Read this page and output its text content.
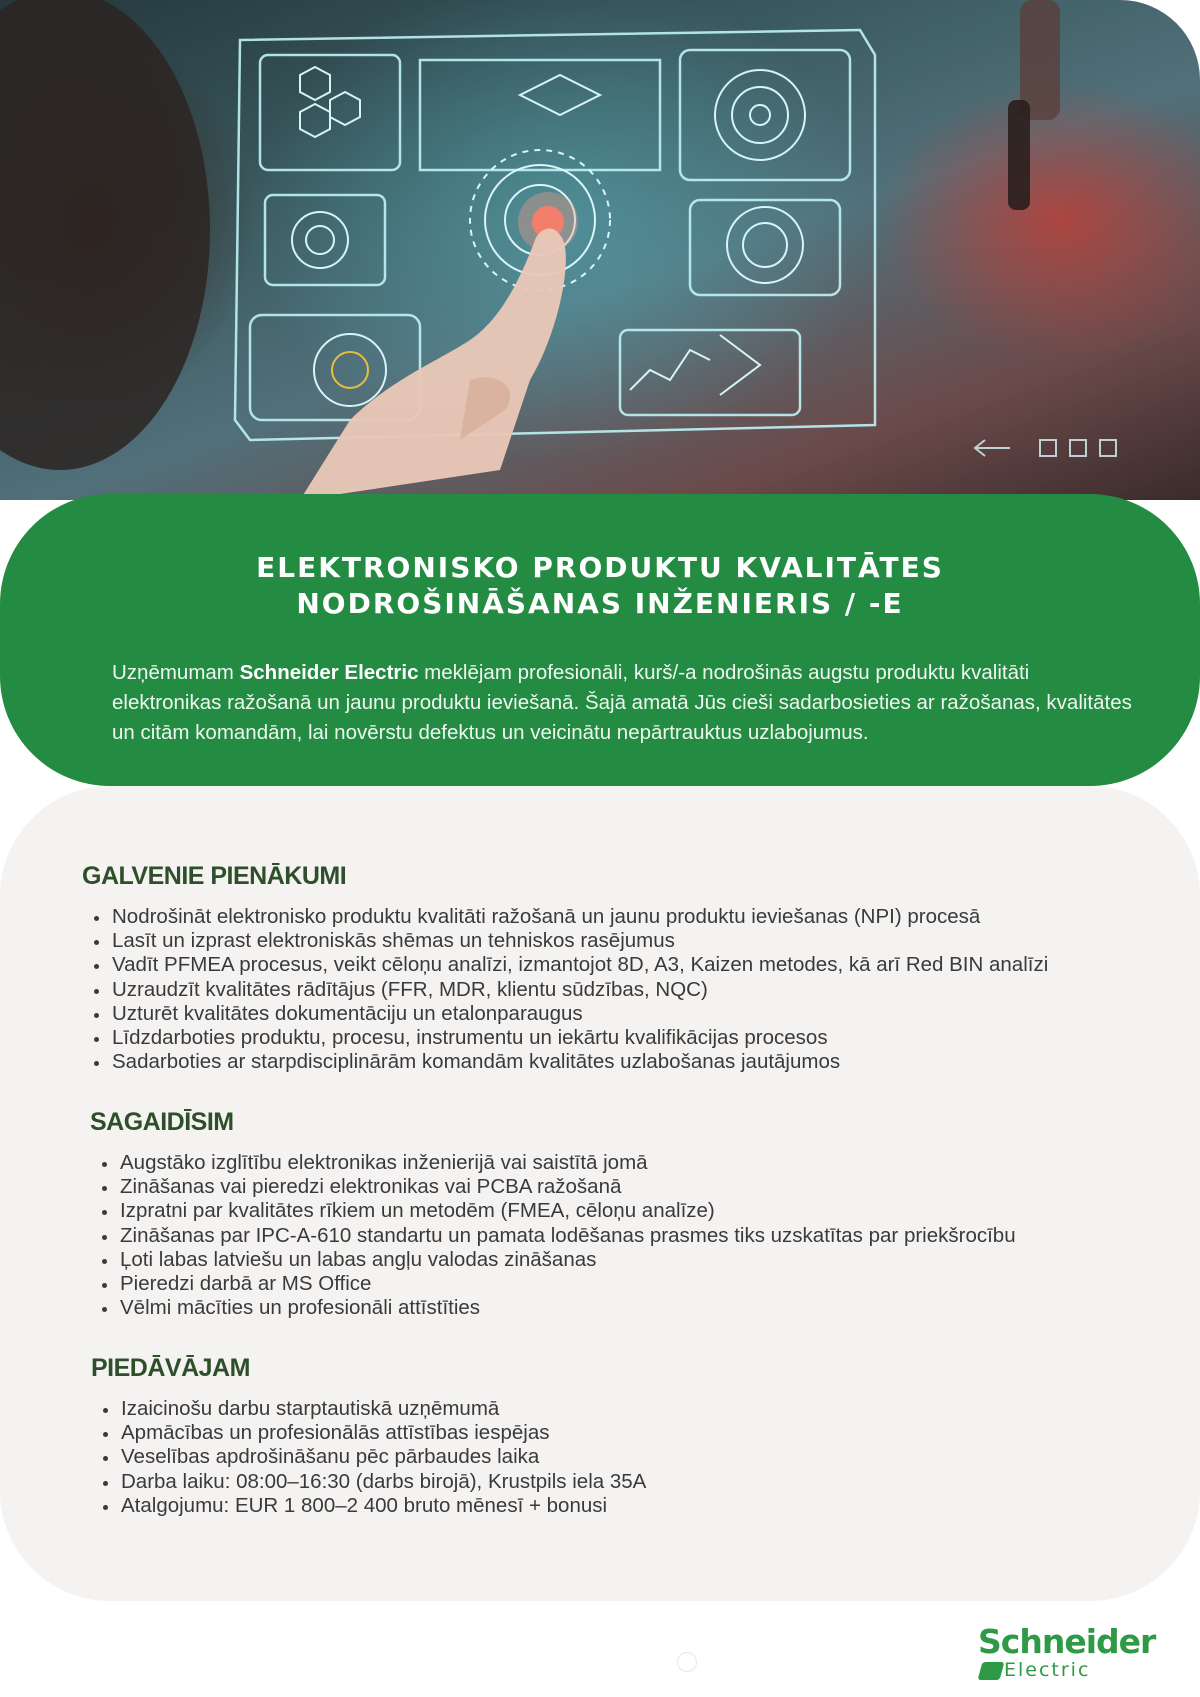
ELEKTRONISKO PRODUKTU KVALITĀTES
NODROŠINĀŠANAS INŽENIERIS / -E

Uzņēmumam Schneider Electric meklējam profesionāli, kurš/-a nodrošinās augstu produktu kvalitāti elektronikas ražošanā un jaunu produktu ieviešanā. Šajā amatā Jūs cieši sadarbosieties ar ražošanas, kvalitātes un citām komandām, lai novērstu defektus un veicinātu nepārtrauktus uzlabojumus.

GALVENIE PIENĀKUMI
Nodrošināt elektronisko produktu kvalitāti ražošanā un jaunu produktu ieviešanas (NPI) procesā
Lasīt un izprast elektroniskās shēmas un tehniskos rasējumus
Vadīt PFMEA procesus, veikt cēloņu analīzi, izmantojot 8D, A3, Kaizen metodes, kā arī Red BIN analīzi
Uzraudzīt kvalitātes rādītājus (FFR, MDR, klientu sūdzības, NQC)
Uzturēt kvalitātes dokumentāciju un etalonparaugus
Līdzdarboties produktu, procesu, instrumentu un iekārtu kvalifikācijas procesos
Sadarboties ar starpdisciplinārām komandām kvalitātes uzlabošanas jautājumos
SAGAIDĪSIM
Augstāko izglītību elektronikas inženierijā vai saistītā jomā
Zināšanas vai pieredzi elektronikas vai PCBA ražošanā
Izpratni par kvalitātes rīkiem un metodēm (FMEA, cēloņu analīze)
Zināšanas par IPC-A-610 standartu un pamata lodēšanas prasmes tiks uzskatītas par priekšrocību
Ļoti labas latviešu un labas angļu valodas zināšanas
Pieredzi darbā ar MS Office
Vēlmi mācīties un profesionāli attīstīties
PIEDĀVĀJAM
Izaicinošu darbu starptautiskā uzņēmumā
Apmācības un profesionālās attīstības iespējas
Veselības apdrošināšanu pēc pārbaudes laika
Darba laiku: 08:00–16:30 (darbs birojā), Krustpils iela 35A
Atalgojumu: EUR 1 800–2 400 bruto mēnesī + bonusi
Schneider
Electric
